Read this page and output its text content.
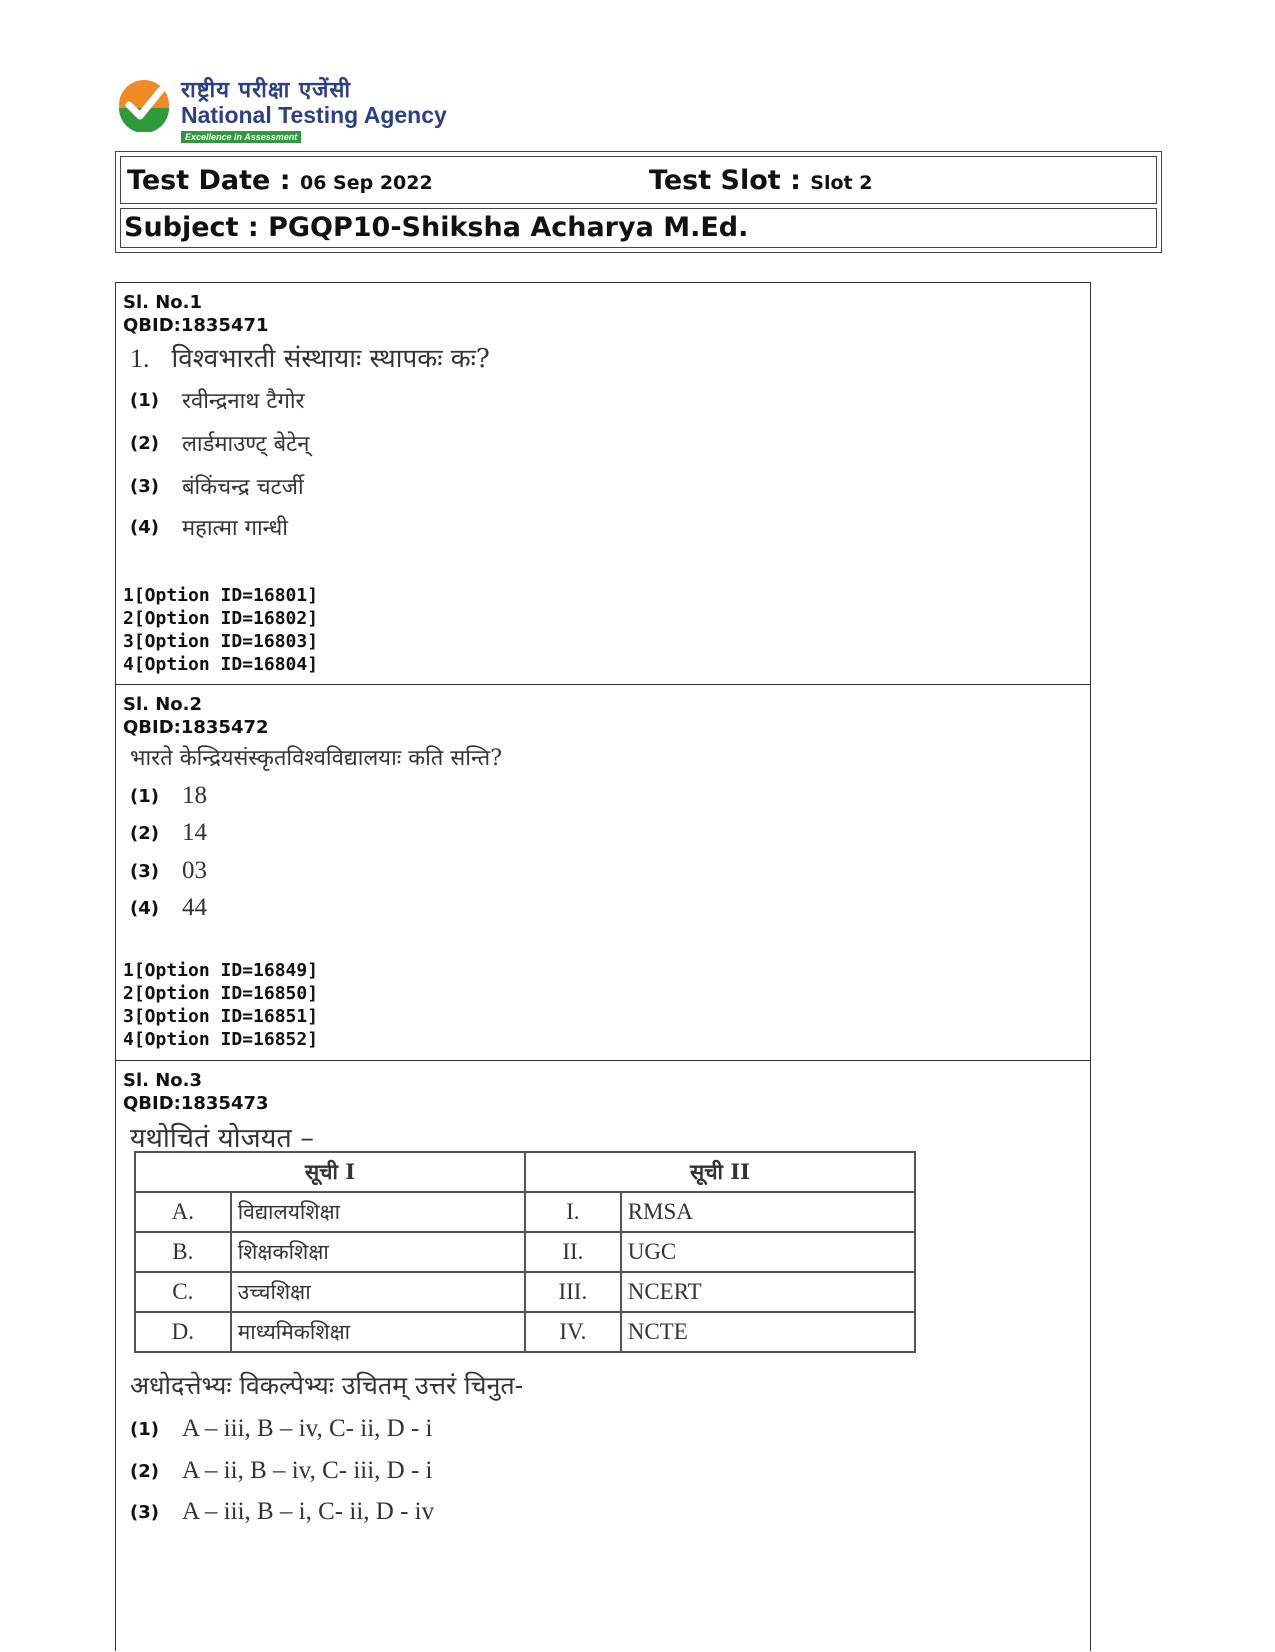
राष्ट्रीय परीक्षा एजेंसी
National Testing Agency
Excellence in Assessment
Test Date : 06 Sep 2022	Test Slot : Slot 2
Subject : PGQP10-Shiksha Acharya M.Ed.
Sl. No.1
QBID:1835471
1. विश्वभारती संस्थायाः स्थापकः कः?
(1) रवीन्द्रनाथ टैगोर
(2) लार्डमाउण्ट् बेटेन्
(3) बंकिंचन्द्र चटर्जी
(4) महात्मा गान्धी
1[Option ID=16801]
2[Option ID=16802]
3[Option ID=16803]
4[Option ID=16804]
Sl. No.2
QBID:1835472
भारते केन्द्रियसंस्कृतविश्वविद्यालयाः कति सन्ति?
(1) 18
(2) 14
(3) 03
(4) 44
1[Option ID=16849]
2[Option ID=16850]
3[Option ID=16851]
4[Option ID=16852]
Sl. No.3
QBID:1835473
यथोचितं योजयत –
सूची I		सूची II	
A.	विद्यालयशिक्षा	I.	RMSA
B.	शिक्षकशिक्षा	II.	UGC
C.	उच्चशिक्षा	III.	NCERT
D.	माध्यमिकशिक्षा	IV.	NCTE
अधोदत्तेभ्यः विकल्पेभ्यः उचितम् उत्तरं चिनुत-
(1) A – iii, B – iv, C- ii, D - i
(2) A – ii, B – iv, C- iii, D - i
(3) A – iii, B – i, C- ii, D - iv
